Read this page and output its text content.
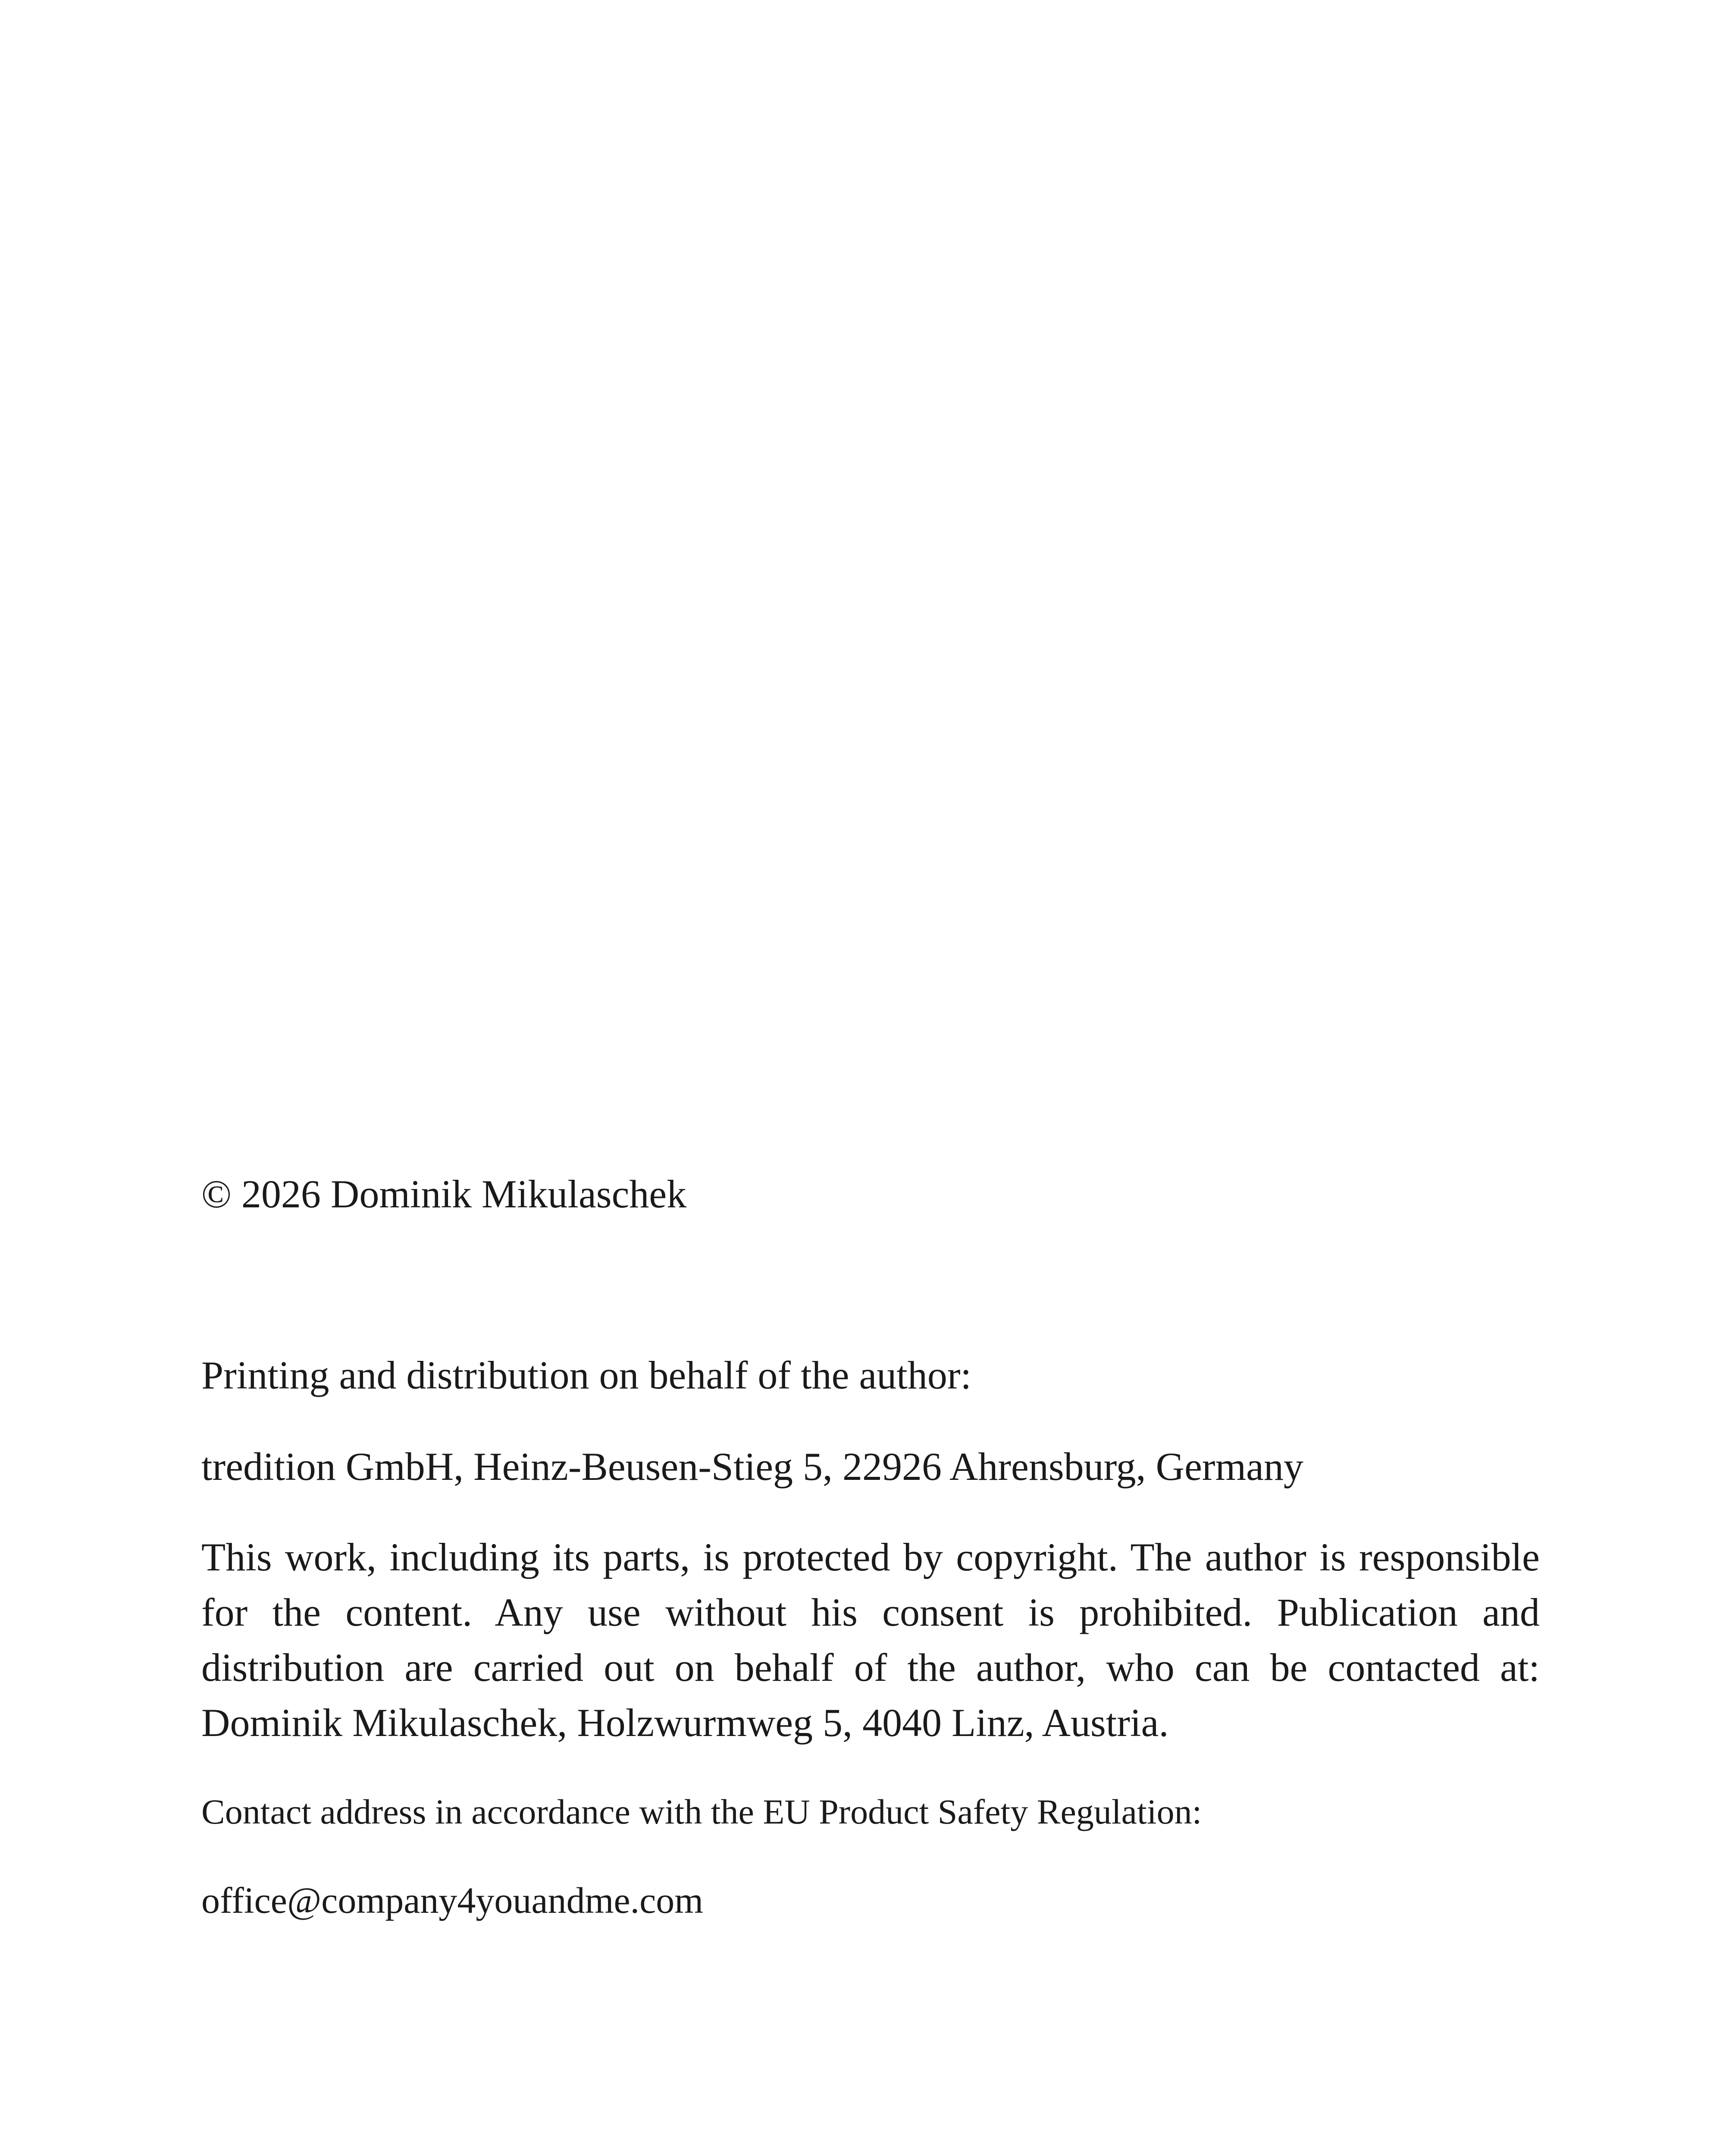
© 2026 Dominik Mikulaschek

Printing and distribution on behalf of the author:

tredition GmbH, Heinz-Beusen-Stieg 5, 22926 Ahrensburg, Germany

This work, including its parts, is protected by copyright. The author is responsible for the content. Any use without his consent is prohibited. Publication and distribution are carried out on behalf of the author, who can be contacted at: Dominik Mikulaschek, Holzwurmweg 5, 4040 Linz, Austria.

Contact address in accordance with the EU Product Safety Regulation:

office@company4youandme.com
